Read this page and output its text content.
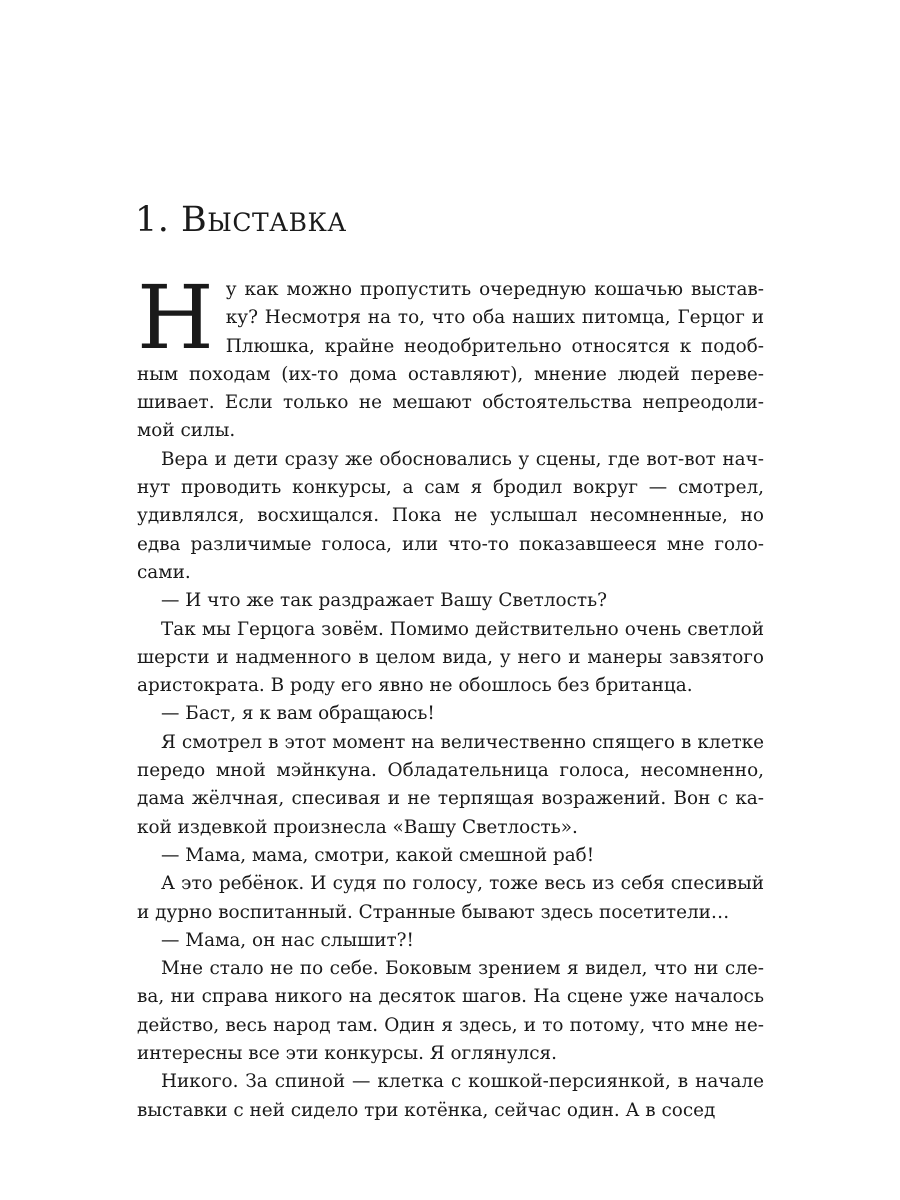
1. Выставка

Ну как можно пропустить очередную кошачью выставку? Несмотря на то, что оба наших питомца, Герцог и Плюшка, крайне неодобрительно относятся к подобным походам (их-то дома оставляют), мнение людей перевешивает. Если только не мешают обстоятельства непреодолимой силы.

Вера и дети сразу же обосновались у сцены, где вот-вот начнут проводить конкурсы, а сам я бродил вокруг — смотрел, удивлялся, восхищался. Пока не услышал несомненные, но едва различимые голоса, или что-то показавшееся мне голосами.

— И что же так раздражает Вашу Светлость?

Так мы Герцога зовём. Помимо действительно очень светлой шерсти и надменного в целом вида, у него и манеры завзятого аристократа. В роду его явно не обошлось без британца.

— Баст, я к вам обращаюсь!

Я смотрел в этот момент на величественно спящего в клетке передо мной мэйнкуна. Обладательница голоса, несомненно, дама жёлчная, спесивая и не терпящая возражений. Вон с какой издевкой произнесла «Вашу Светлость».

— Мама, мама, смотри, какой смешной раб!

А это ребёнок. И судя по голосу, тоже весь из себя спесивый и дурно воспитанный. Странные бывают здесь посетители…

— Мама, он нас слышит?!

Мне стало не по себе. Боковым зрением я видел, что ни слева, ни справа никого на десяток шагов. На сцене уже началось действо, весь народ там. Один я здесь, и то потому, что мне неинтересны все эти конкурсы. Я оглянулся.

Никого. За спиной — клетка с кошкой-персиянкой, в начале выставки с ней сидело три котёнка, сейчас один. А в сосед
